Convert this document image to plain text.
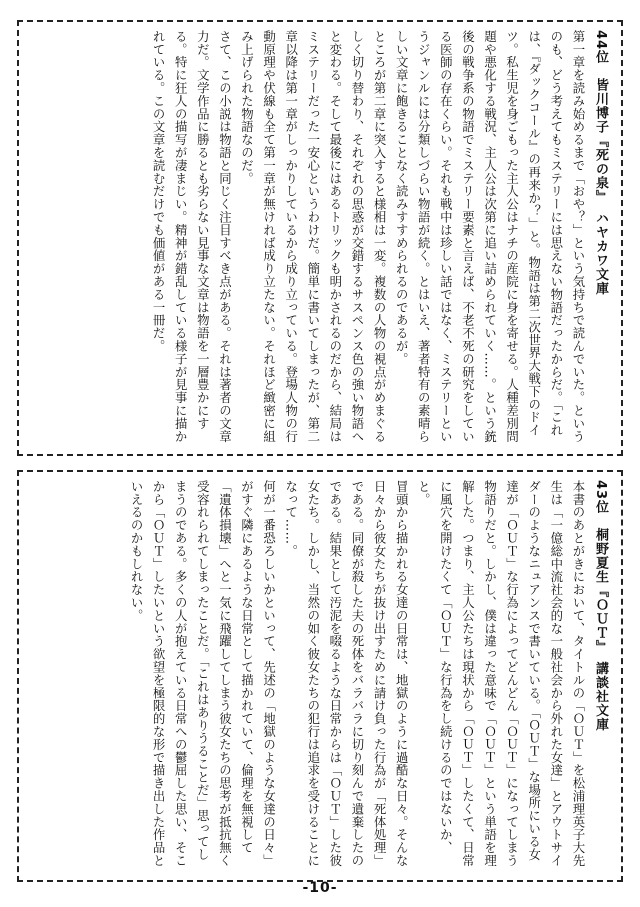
44位　皆川博子『死の泉』　ハヤカワ文庫

第一章を読み始めるまで「おや？」という気持ちで読んでいた。というのも、どう考えてもミステリーには思えない物語だったからだ。「これは、『ダックコール』の再来か？」と。物語は第二次世界大戦下のドイツ。私生児を身ごもった主人公はナチの産院に身を寄せる。人種差別問題や悪化する戦況、主人公は次第に追い詰められていく……。という銃後の戦争系の物語でミステリー要素と言えば、不老不死の研究をしている医師の存在くらい。それも戦中は珍しい話ではなく、ミステリーというジャンルには分類しづらい物語が続く。とはいえ、著者特有の素晴らしい文章に飽きることなく読みすすめられるのであるが。

ところが第二章に突入すると様相は一変。複数の人物の視点がめまぐるしく切り替わり、それぞれの思惑が交錯するサスペンス色の強い物語へと変わる。そして最後にはあるトリックも明かされるのだから、結局はミステリーだった一安心というわけだ。簡単に書いてしまったが、第二章以降は第一章がしっかりしているから成り立っている。登場人物の行動原理や伏線も全て第一章が無ければ成り立たない。それほど緻密に組み上げられた物語なのだ。

さて、この小説は物語と同じく注目すべき点がある。それは著者の文章力だ。文学作品に勝るとも劣らない見事な文章は物語を一層豊かにする。特に狂人の描写が凄まじい。精神が錯乱している様子が見事に描かれている。この文章を読むだけでも価値がある一冊だ。

43位　桐野夏生『ＯＵＴ』　講談社文庫

本書のあとがきにおいて、タイトルの「ＯＵＴ」を松浦理英子大先生は「一億総中流社会的な一般社会から外れた女達」とアウトサイダーのようなニュアンスで書いている。「ＯＵＴ」な場所にいる女達が「ＯＵＴ」な行為によってどんどん「ＯＵＴ」になってしまう物語りだと。しかし、僕は違った意味で「ＯＵＴ」という単語を理解した。つまり、主人公たちは現状から「ＯＵＴ」したくて、日常に風穴を開けたくて「ＯＵＴ」な行為をし続けるのではないか、と。

冒頭から描かれる女達の日常は、地獄のように過酷な日々。そんな日々から彼女たちが抜け出すために請け負った行為が「死体処理」である。同僚が殺した夫の死体をバラバラに切り刻んで遺棄したのである。結果として汚泥を啜るような日常からは「ＯＵＴ」した彼女たち。しかし、当然の如く彼女たちの犯行は追求を受けることになって……。

何が一番恐ろしいかといって、先述の「地獄のような女達の日々」がすぐ隣にあるような日常として描かれていて、倫理を無視して「遺体損壊」へと一気に飛躍してしまう彼女たちの思考が抵抗無く受容れられてしまったことだ。「これはありうることだ」思ってしまうのである。多くの人が抱えている日常への鬱屈した思い、そこから「ＯＵＴ」したいという欲望を極限的な形で描き出した作品といえるのかもしれない。

-10-
